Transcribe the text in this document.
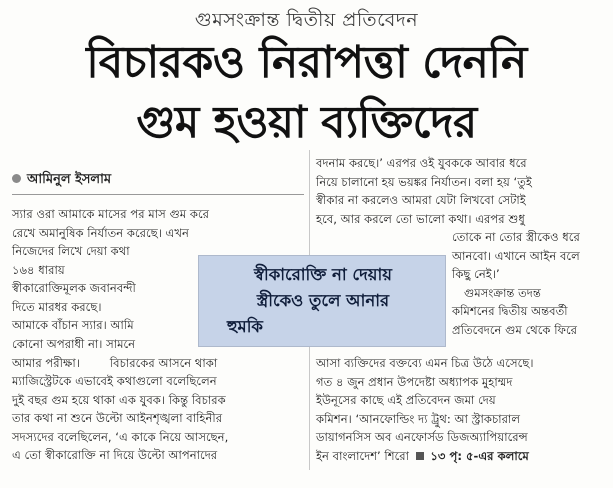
গুমসংক্রান্ত দ্বিতীয় প্রতিবেদন
বিচারকও নিরাপত্তা দেননি
গুম হওয়া ব্যক্তিদের
আমিনুল ইসলাম
স্যার ওরা আমাকে মাসের পর মাস গুম করে
রেখে অমানুষিক নির্যাতন করেছে। এখন
নিজেদের লিখে দেয়া কথা
১৬৪ ধারায়
স্বীকারোক্তিমূলক জবানবন্দী
দিতে মারধর করছে।
আমাকে বাঁচান স্যার। আমি
কোনো অপরাধী না। সামনে
আমার পরীক্ষা।	বিচারকের আসনে থাকা
ম্যাজিস্ট্রেটকে এভাবেই কথাগুলো বলেছিলেন
দুই বছর গুম হয়ে থাকা এক যুবক। কিন্তু বিচারক
তার কথা না শুনে উল্টো আইনশৃঙ্খলা বাহিনীর
সদস্যদের বলেছিলেন, ‘এ কাকে নিয়ে আসছেন,
এ তো স্বীকারোক্তি না দিয়ে উল্টো আপনাদের
স্বীকারোক্তি না দেয়ায়
স্ত্রীকেও তুলে আনার
হুমকি
বদনাম করছে।’ এরপর ওই যুবককে আবার ধরে
নিয়ে চালানো হয় ভয়ঙ্কর নির্যাতন। বলা হয় ‘তুই
স্বীকার না করলেও আমরা যেটা লিখবো সেটাই
হবে, আর করলে তো ভালো কথা। এরপর শুধু
তোকে না তোর স্ত্রীকেও ধরে
আনবো। এখানে আইন বলে
কিছু নেই।’
গুমসংক্রান্ত তদন্ত
কমিশনের দ্বিতীয় অন্তবর্তী
প্রতিবেদনে গুম থেকে ফিরে
আসা ব্যক্তিদের বক্তব্যে এমন চিত্র উঠে এসেছে।
গত ৪ জুন প্রধান উপদেষ্টা অধ্যাপক মুহাম্মদ
ইউনূসের কাছে এই প্রতিবেদন জমা দেয়
কমিশন। ‘আনফোল্ডিং দ্য ট্রুথ: আ স্ট্রাকচারাল
ডায়াগনসিস অব এনফোর্সড ডিজঅ্যাপিয়ারেন্স
ইন বাংলাদেশ’ শিরো ১৩ পৃ: ৫-এর কলামে
